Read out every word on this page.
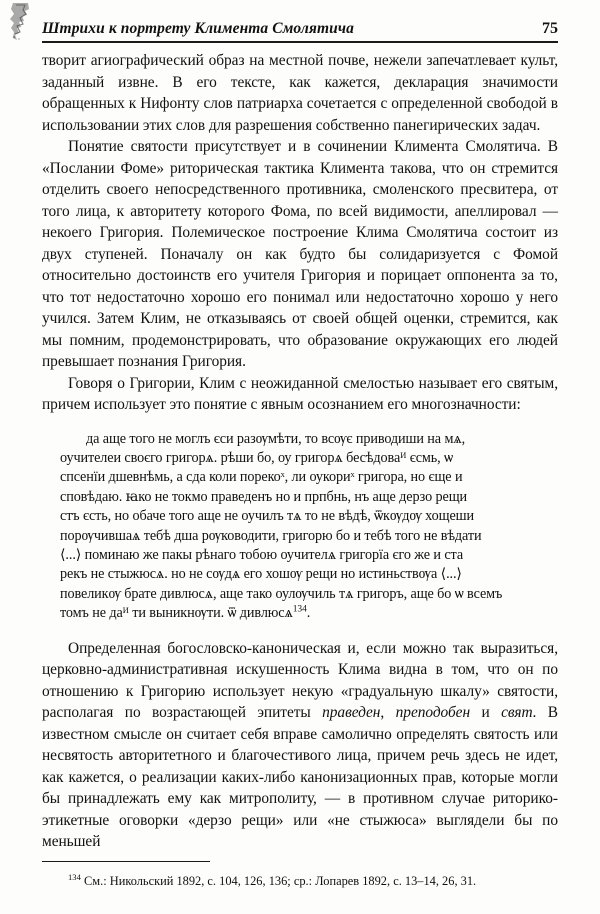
Штрихи к портрету Климента Смолятича	75

творит агиографический образ на местной почве, нежели запечатлевает культ, заданный извне. В его тексте, как кажется, декларация значимости обращенных к Нифонту слов патриарха сочетается с определенной свободой в использовании этих слов для разрешения собственно панегирических задач.

Понятие святости присутствует и в сочинении Климента Смолятича. В «Послании Фоме» риторическая тактика Климента такова, что он стремится отделить своего непосредственного противника, смоленского пресвитера, от того лица, к авторитету которого Фома, по всей видимости, апеллировал — некоего Григория. Полемическое построение Клима Смолятича состоит из двух ступеней. Поначалу он как будто бы солидаризуется с Фомой относительно достоинств его учителя Григория и порицает оппонента за то, что тот недостаточно хорошо его понимал или недостаточно хорошо у него учился. Затем Клим, не отказываясь от своей общей оценки, стремится, как мы помним, продемонстрировать, что образование окружающих его людей превышает познания Григория.

Говоря о Григории, Клим с неожиданной смелостью называет его святым, причем использует это понятие с явным осознанием его многозначности:

да аще того не моглъ єси разѹмѣти, то всѹє приводиши на мѧ,
оучителеи своєго григорѧ. рѣши бо, оу григорѧ бесѣдоваᴻ єсмь, ѡ
спсенїи дшевнѣмь, а сда коли порекоˣ, ли оукориˣ григора, но єще и
сповѣдаю. ꙗко не токмо праведенъ но и прпбнь, нъ аще дерзо рещи
стъ єсть, но обаче того аще не оучилъ тѧ то не вѣдѣ, ѿкѹдѹ хощеши
порѹчившаѧ тебѣ дша рѹководити, григорю бо и тебѣ того не вѣдати
⟨...⟩ поминаю же пакы рѣнаго тобою оучителѧ григорїа єго же и ста
рекъ не стыжюсѧ. но не сѹдѧ его хошѹ рещи но истиньствѹа ⟨...⟩
повеликѹ брате дивлюсѧ, аще тако оулѹчиль тѧ григоръ, аще бо ѡ всемъ
томъ не даᴻ ти выникнѹти. ѿ дивлюсѧ$^{134}$.

Определенная богословско-каноническая и, если можно так выразиться, церковно-административная искушенность Клима видна в том, что он по отношению к Григорию использует некую «градуальную шкалу» святости, располагая по возрастающей эпитеты праведен, преподобен и свят. В известном смысле он считает себя вправе самолично определять святость или несвятость авторитетного и благочестивого лица, причем речь здесь не идет, как кажется, о реализации каких-либо канонизационных прав, которые могли бы принадлежать ему как митрополиту, — в противном случае риторико-этикетные оговорки «дерзо рещи» или «не стыжюса» выглядели бы по меньшей

$^{134}$ См.: Никольский 1892, с. 104, 126, 136; ср.: Лопарев 1892, с. 13–14, 26, 31.
